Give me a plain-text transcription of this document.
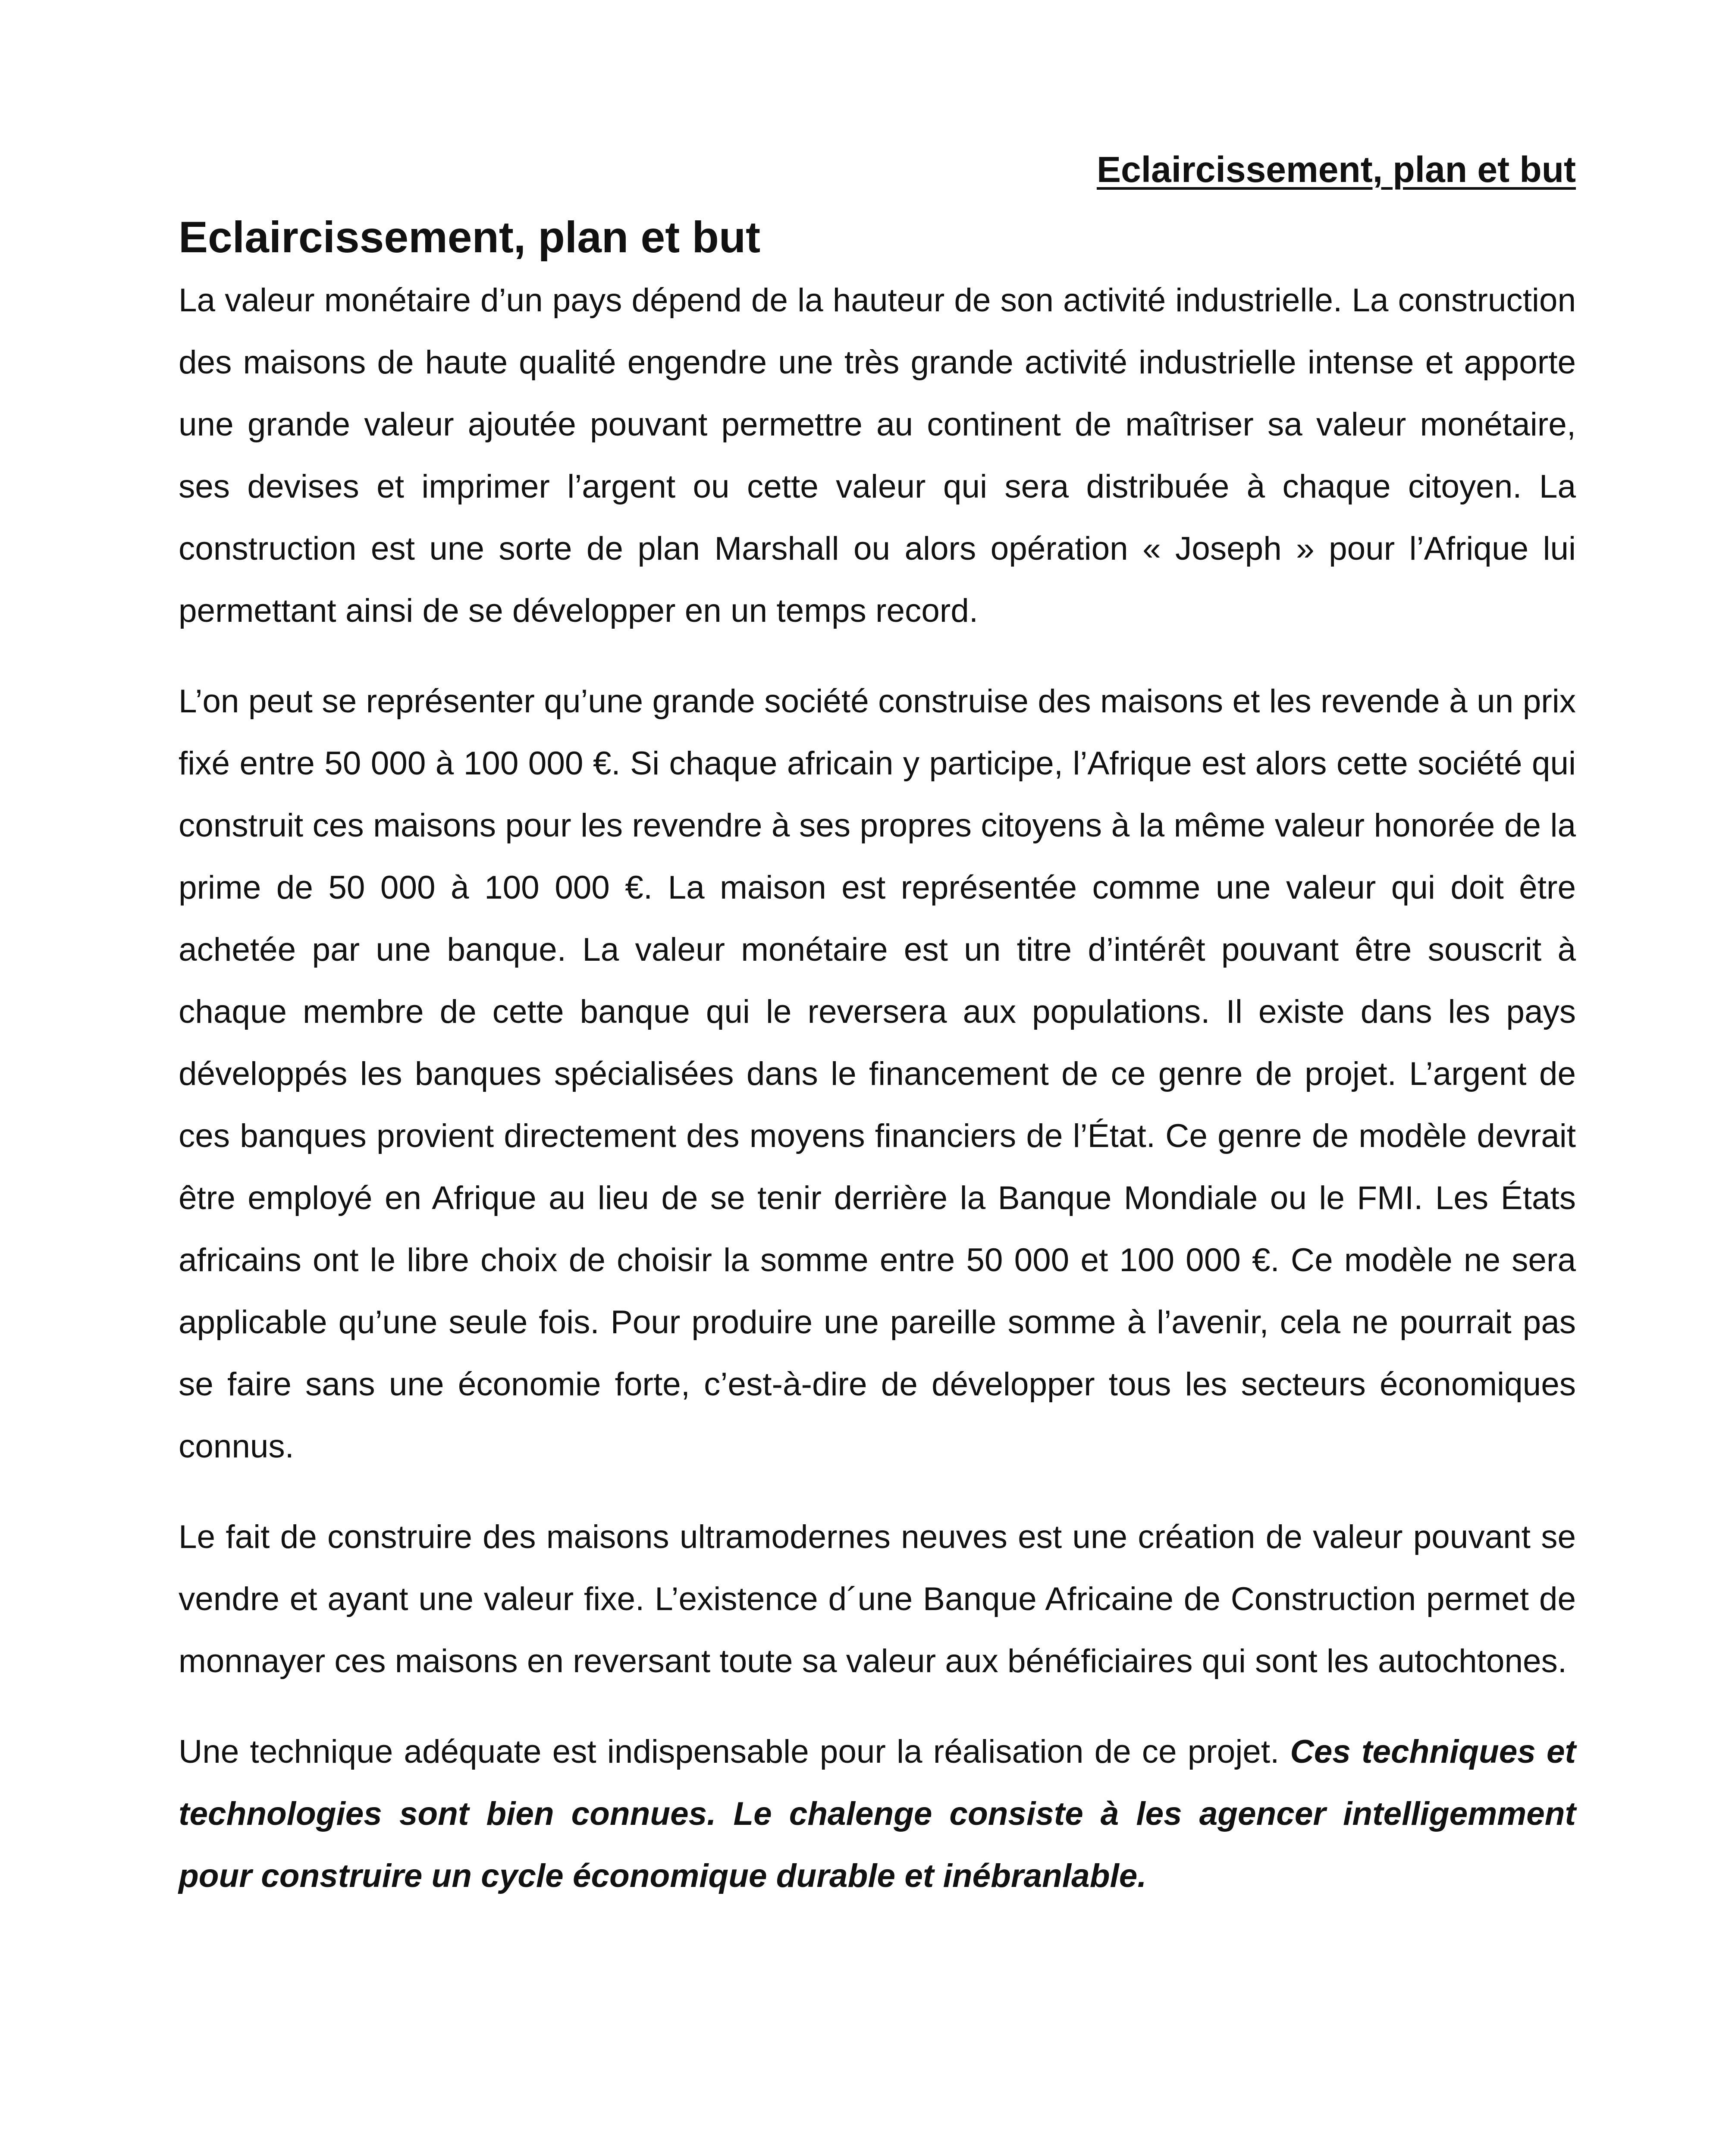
Eclaircissement, plan et but
Eclaircissement, plan et but

La valeur monétaire d’un pays dépend de la hauteur de son activité industrielle. La construction des maisons de haute qualité engendre une très grande activité industrielle intense et apporte une grande valeur ajoutée pouvant permettre au continent de maîtriser sa valeur monétaire, ses devises et imprimer l’argent ou cette valeur qui sera distribuée à chaque citoyen. La construction est une sorte de plan Marshall ou alors opération « Joseph » pour l’Afrique lui permettant ainsi de se développer en un temps record.

L’on peut se représenter qu’une grande société construise des maisons et les revende à un prix fixé entre 50 000 à 100 000 €. Si chaque africain y participe, l’Afrique est alors cette société qui construit ces maisons pour les revendre à ses propres citoyens à la même valeur honorée de la prime de 50 000 à 100 000 €. La maison est représentée comme une valeur qui doit être achetée par une banque. La valeur monétaire est un titre d’intérêt pouvant être souscrit à chaque membre de cette banque qui le reversera aux populations. Il existe dans les pays développés les banques spécialisées dans le financement de ce genre de projet. L’argent de ces banques provient directement des moyens financiers de l’État. Ce genre de modèle devrait être employé en Afrique au lieu de se tenir derrière la Banque Mondiale ou le FMI. Les États africains ont le libre choix de choisir la somme entre 50 000 et 100 000 €. Ce modèle ne sera applicable qu’une seule fois. Pour produire une pareille somme à l’avenir, cela ne pourrait pas se faire sans une économie forte, c’est-à-dire de développer tous les secteurs économiques connus.

Le fait de construire des maisons ultramodernes neuves est une création de valeur pouvant se vendre et ayant une valeur fixe. L’existence d´une Banque Africaine de Construction permet de monnayer ces maisons en reversant toute sa valeur aux bénéficiaires qui sont les autochtones.

Une technique adéquate est indispensable pour la réalisation de ce projet. Ces techniques et technologies sont bien connues. Le chalenge consiste à les agencer intelligemment pour construire un cycle économique durable et inébranlable.
